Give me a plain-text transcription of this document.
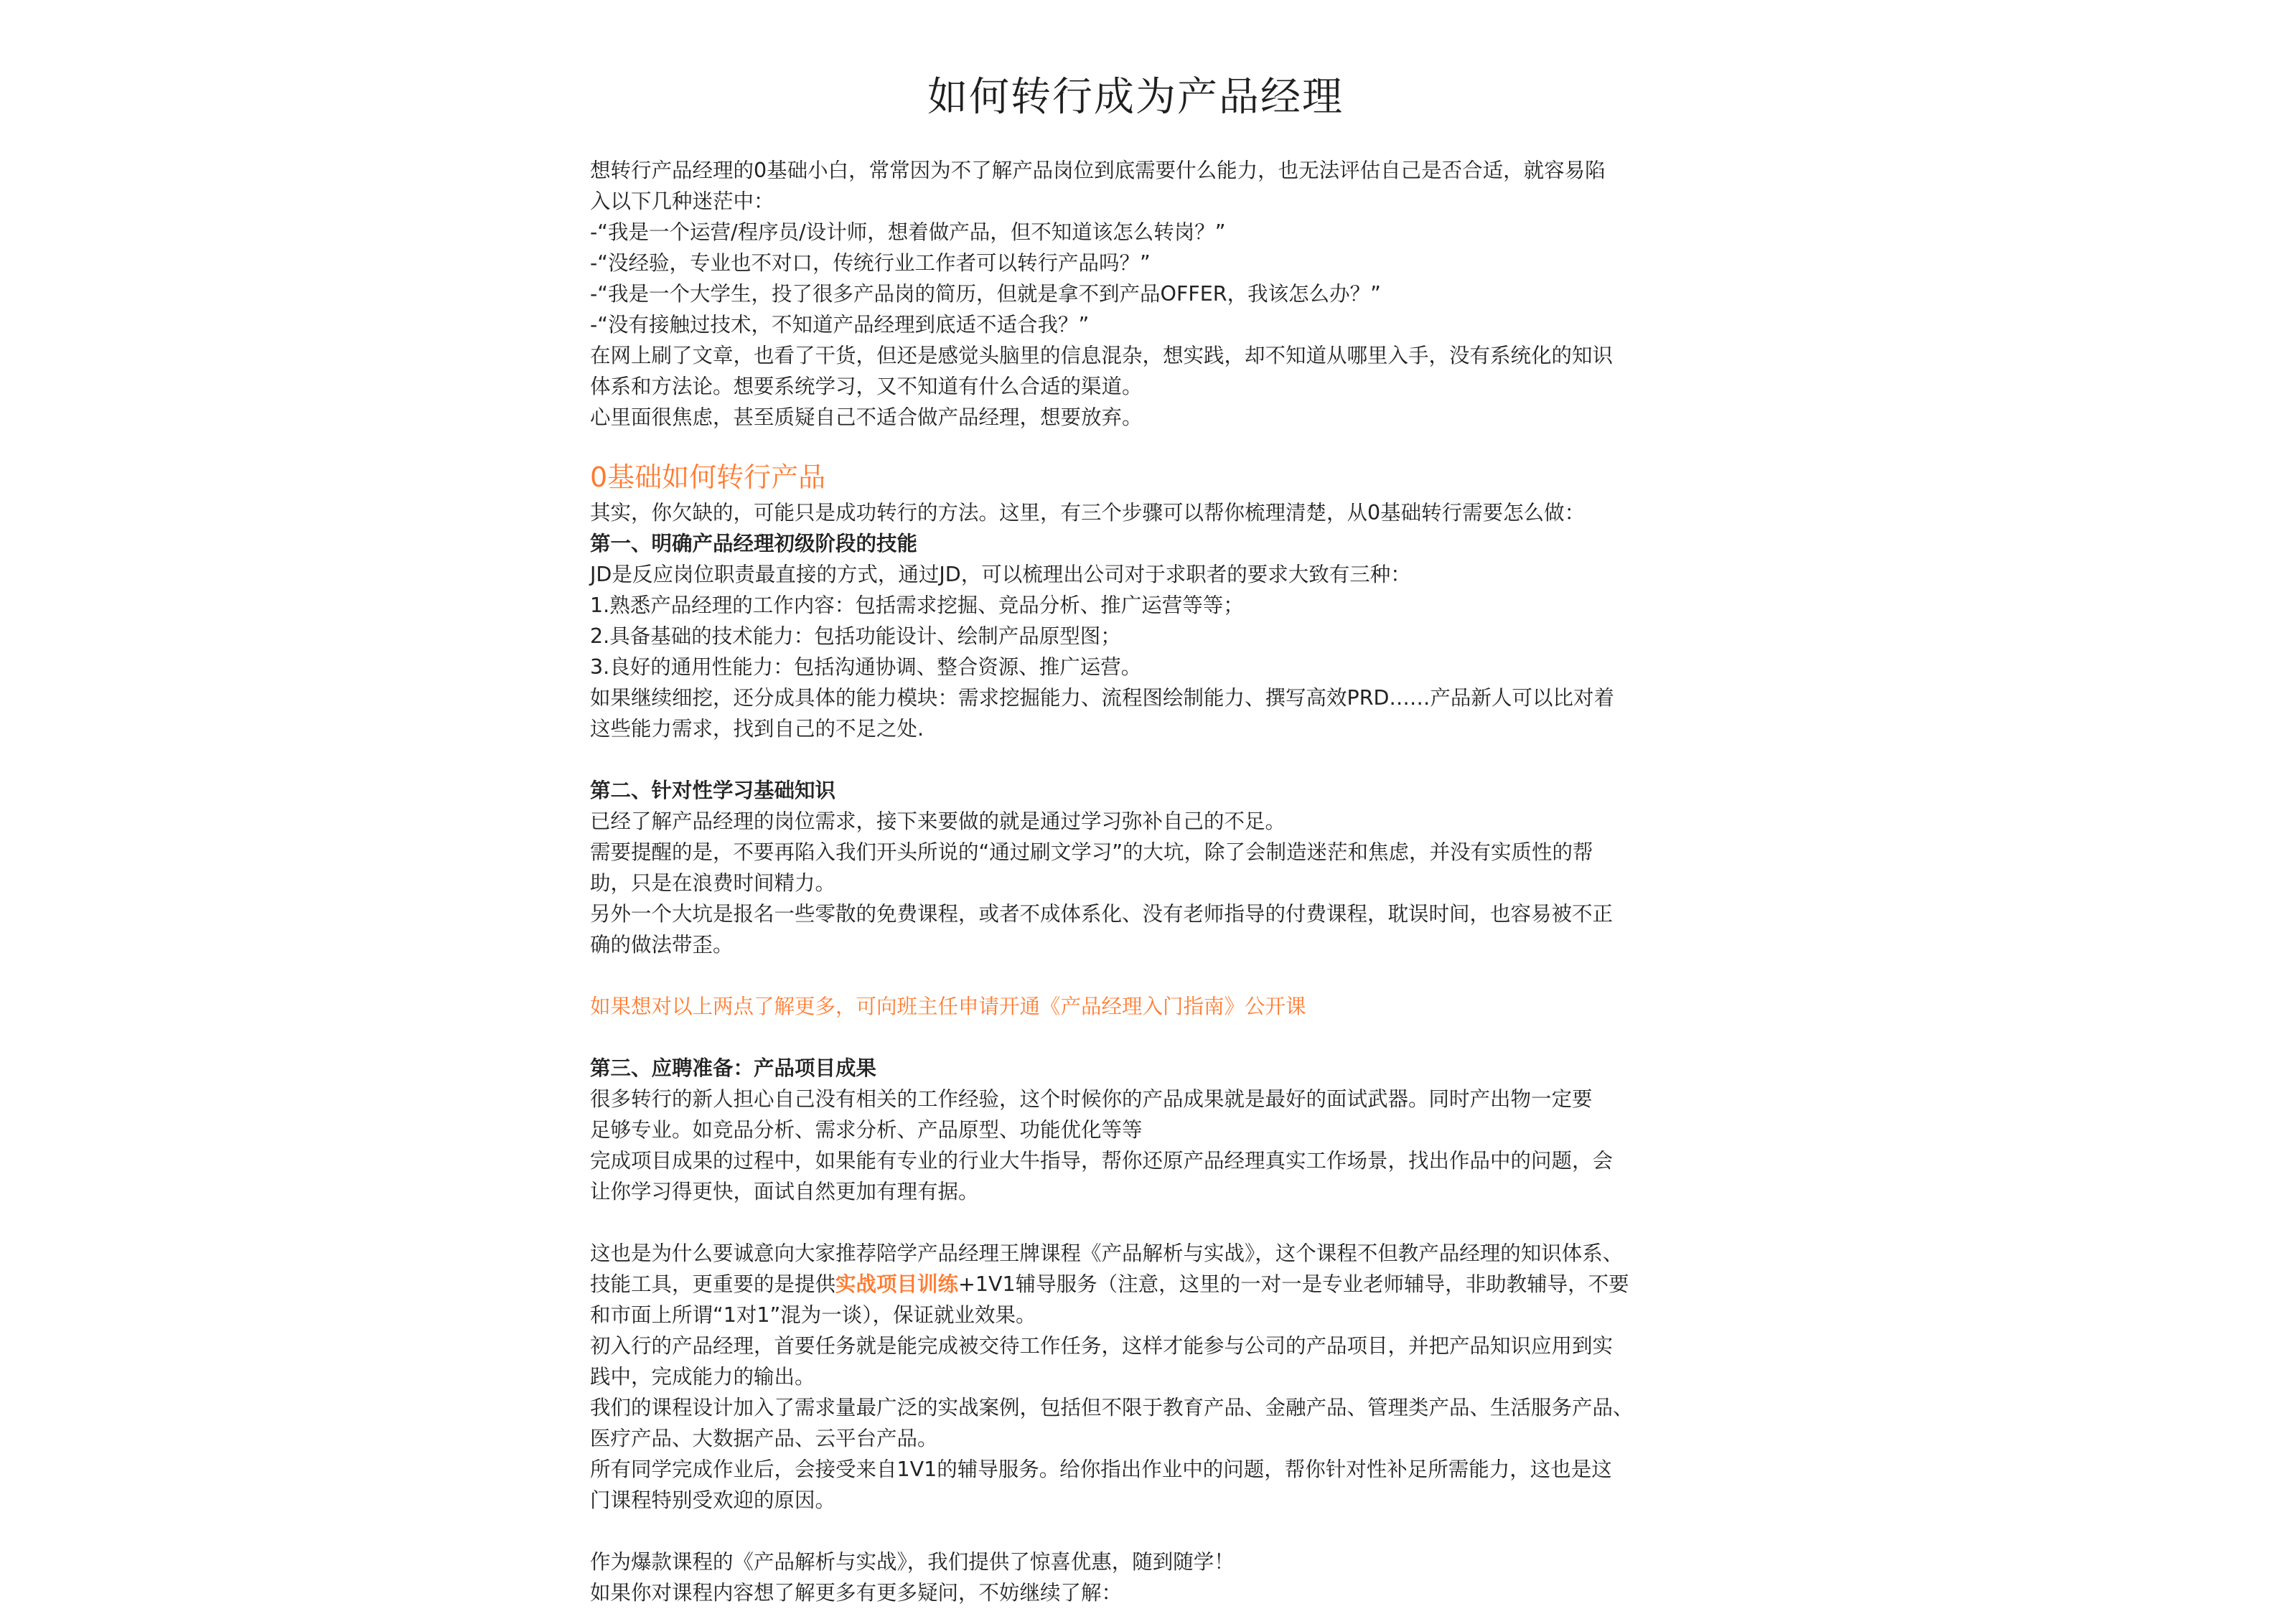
如何转行成为产品经理

想转行产品经理的0基础小白，常常因为不了解产品岗位到底需要什么能力，也无法评估自己是否合适，就容易陷

入以下几种迷茫中：

-“我是一个运营/程序员/设计师，想着做产品，但不知道该怎么转岗？”

-“没经验，专业也不对口，传统行业工作者可以转行产品吗？”

-“我是一个大学生，投了很多产品岗的简历，但就是拿不到产品OFFER，我该怎么办？”

-“没有接触过技术，不知道产品经理到底适不适合我？”

在网上刷了文章，也看了干货，但还是感觉头脑里的信息混杂，想实践，却不知道从哪里入手，没有系统化的知识

体系和方法论。想要系统学习，又不知道有什么合适的渠道。

心里面很焦虑，甚至质疑自己不适合做产品经理，想要放弃。

0基础如何转行产品

其实，你欠缺的，可能只是成功转行的方法。这里，有三个步骤可以帮你梳理清楚，从0基础转行需要怎么做：

第一、明确产品经理初级阶段的技能

JD是反应岗位职责最直接的方式，通过JD，可以梳理出公司对于求职者的要求大致有三种：

1.熟悉产品经理的工作内容：包括需求挖掘、竞品分析、推广运营等等；

2.具备基础的技术能力：包括功能设计、绘制产品原型图；

3.良好的通用性能力：包括沟通协调、整合资源、推广运营。

如果继续细挖，还分成具体的能力模块：需求挖掘能力、流程图绘制能力、撰写高效PRD……产品新人可以比对着

这些能力需求，找到自己的不足之处.

第二、针对性学习基础知识

已经了解产品经理的岗位需求，接下来要做的就是通过学习弥补自己的不足。

需要提醒的是，不要再陷入我们开头所说的“通过刷文学习”的大坑，除了会制造迷茫和焦虑，并没有实质性的帮

助，只是在浪费时间精力。

另外一个大坑是报名一些零散的免费课程，或者不成体系化、没有老师指导的付费课程，耽误时间，也容易被不正

确的做法带歪。

如果想对以上两点了解更多，可向班主任申请开通《产品经理入门指南》公开课

第三、应聘准备：产品项目成果

很多转行的新人担心自己没有相关的工作经验，这个时候你的产品成果就是最好的面试武器。同时产出物一定要

足够专业。如竞品分析、需求分析、产品原型、功能优化等等

完成项目成果的过程中，如果能有专业的行业大牛指导，帮你还原产品经理真实工作场景，找出作品中的问题，会

让你学习得更快，面试自然更加有理有据。

这也是为什么要诚意向大家推荐陪学产品经理王牌课程《产品解析与实战》，这个课程不但教产品经理的知识体系、

技能工具，更重要的是提供实战项目训练+1V1辅导服务（注意，这里的一对一是专业老师辅导，非助教辅导，不要

和市面上所谓“1对1”混为一谈），保证就业效果。

初入行的产品经理，首要任务就是能完成被交待工作任务，这样才能参与公司的产品项目，并把产品知识应用到实

践中，完成能力的输出。

我们的课程设计加入了需求量最广泛的实战案例，包括但不限于教育产品、金融产品、管理类产品、生活服务产品、

医疗产品、大数据产品、云平台产品。

所有同学完成作业后，会接受来自1V1的辅导服务。给你指出作业中的问题，帮你针对性补足所需能力，这也是这

门课程特别受欢迎的原因。

作为爆款课程的《产品解析与实战》，我们提供了惊喜优惠，随到随学！

如果你对课程内容想了解更多有更多疑问，不妨继续了解：
